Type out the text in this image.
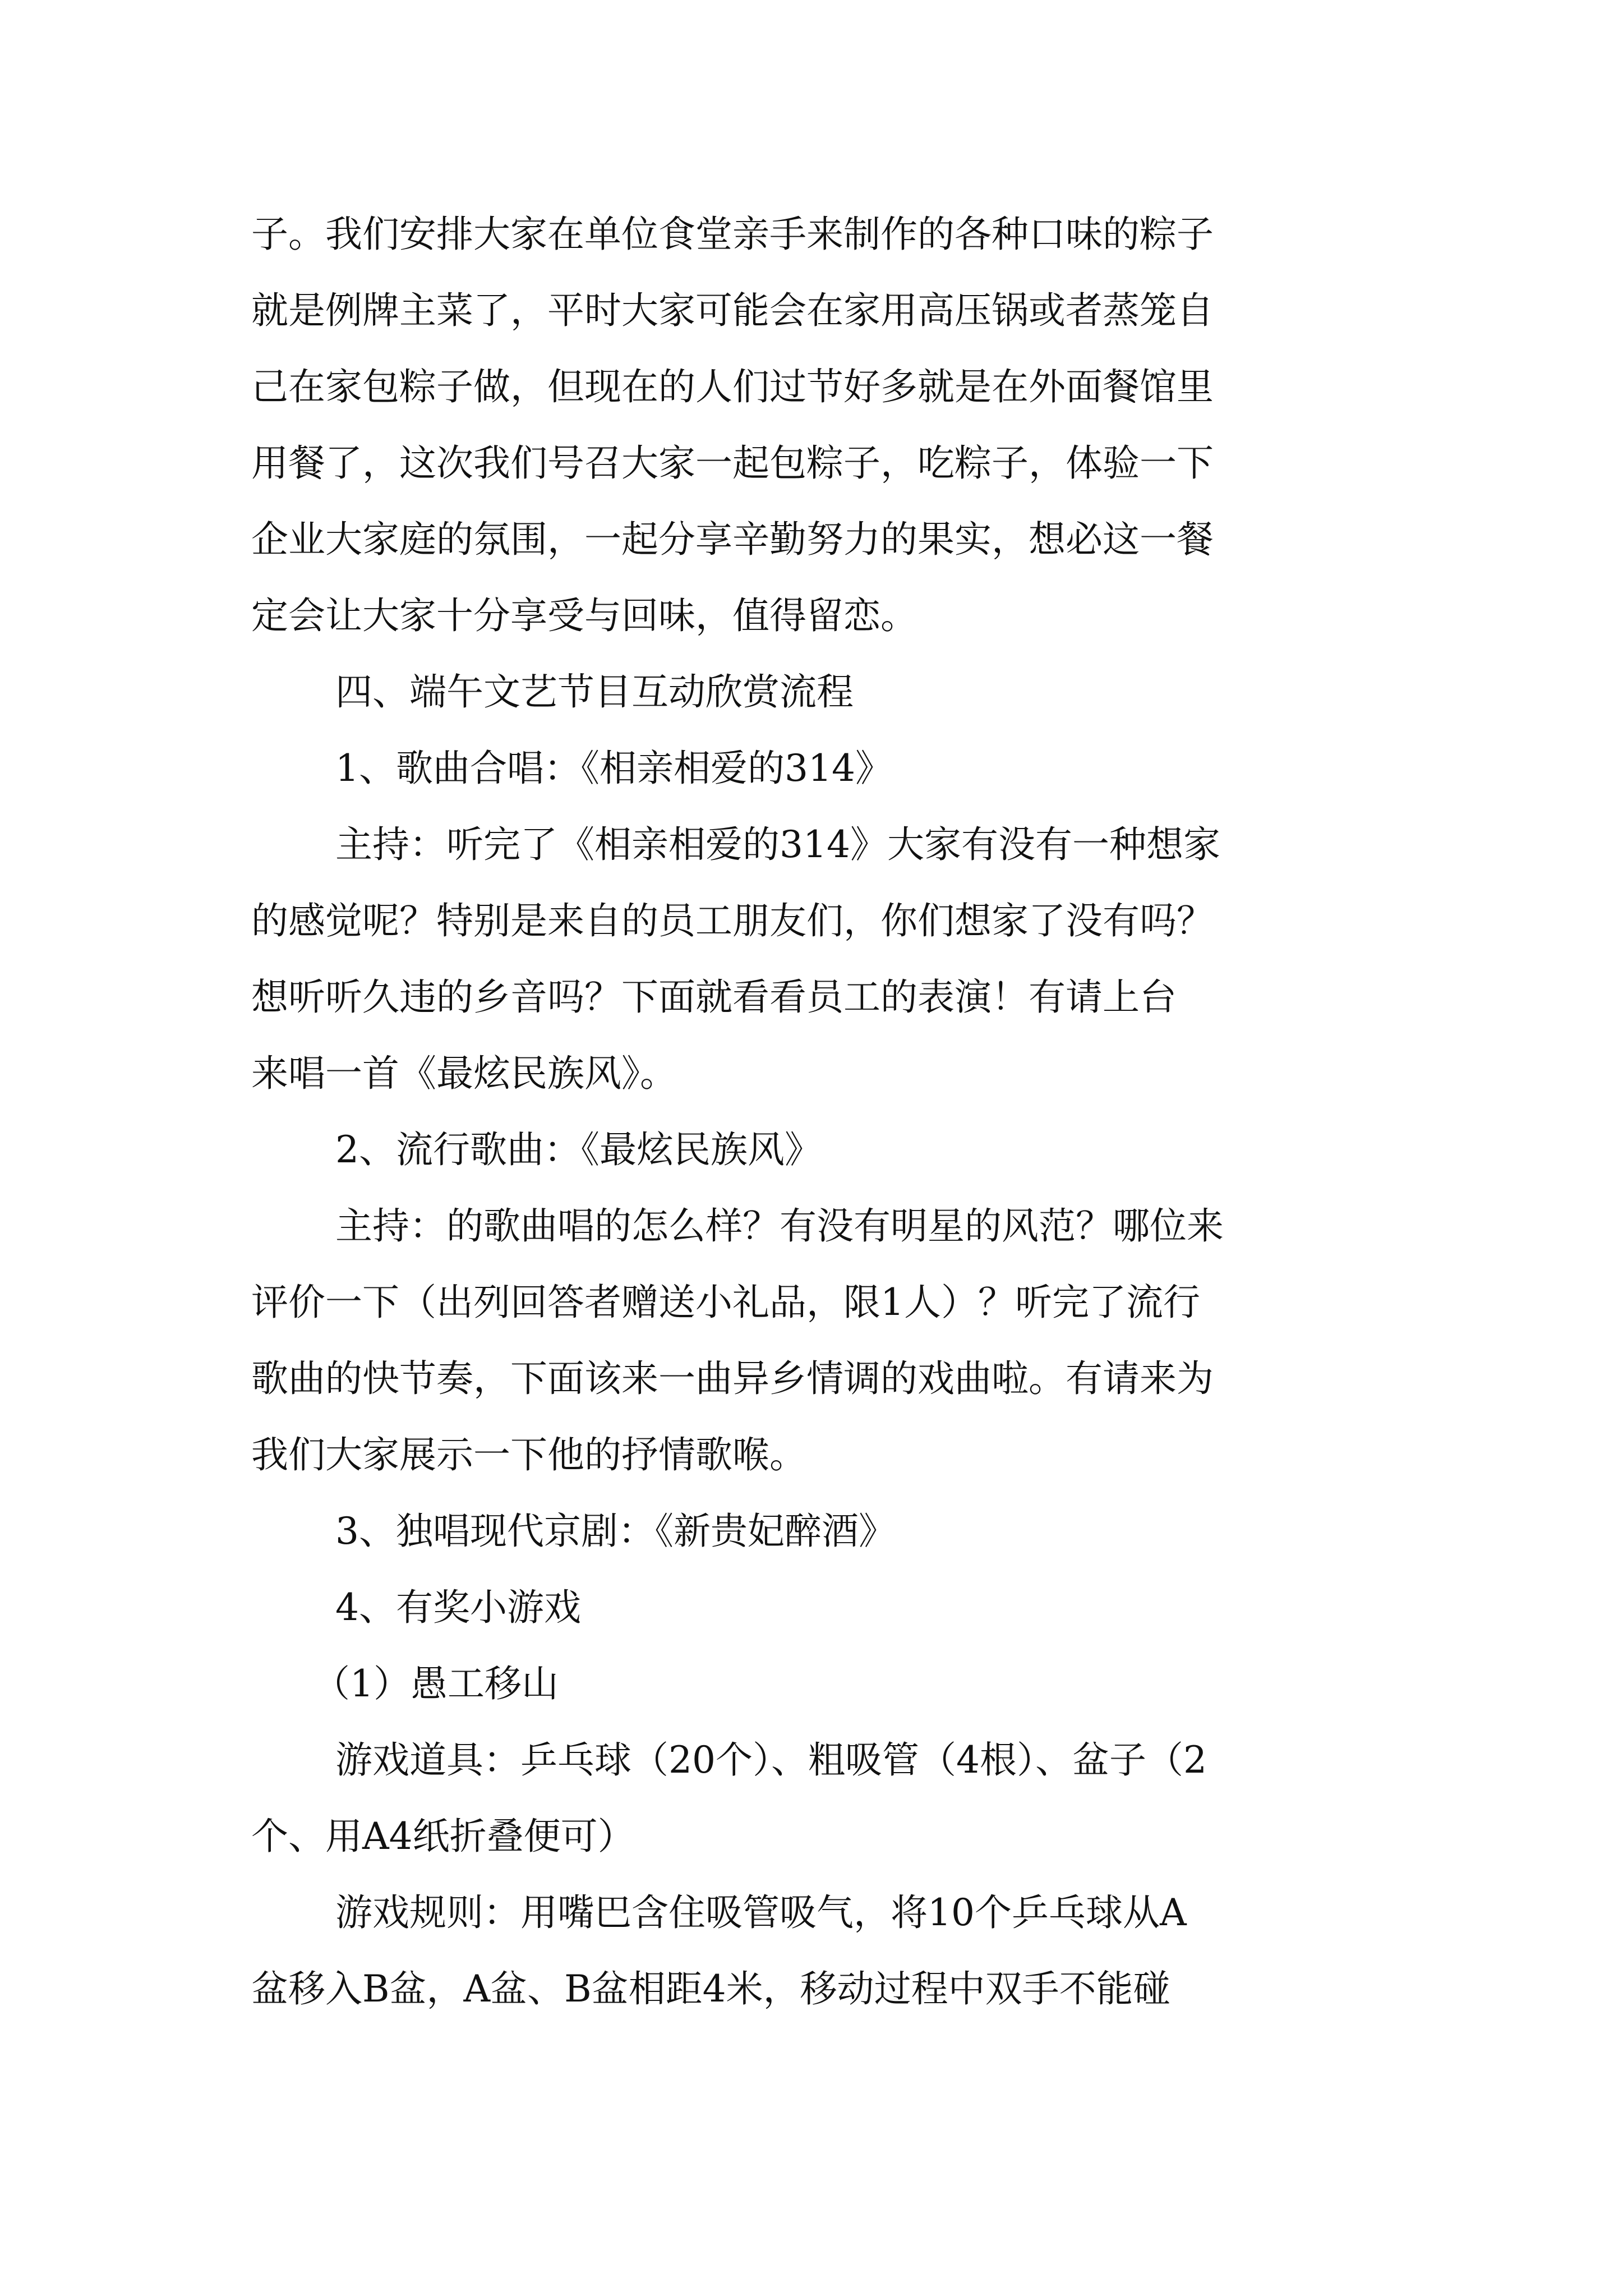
子。我们安排大家在单位食堂亲手来制作的各种口味的粽子
就是例牌主菜了，平时大家可能会在家用高压锅或者蒸笼自
己在家包粽子做，但现在的人们过节好多就是在外面餐馆里
用餐了，这次我们号召大家一起包粽子，吃粽子，体验一下
企业大家庭的氛围，一起分享辛勤努力的果实，想必这一餐
定会让大家十分享受与回味，值得留恋。
四、端午文艺节目互动欣赏流程
1、歌曲合唱：《相亲相爱的314》
主持：听完了《相亲相爱的314》大家有没有一种想家
的感觉呢？特别是来自的员工朋友们，你们想家了没有吗？
想听听久违的乡音吗？下面就看看员工的表演！有请上台
来唱一首《最炫民族风》。
2、流行歌曲：《最炫民族风》
主持：的歌曲唱的怎么样？有没有明星的风范？哪位来
评价一下（出列回答者赠送小礼品，限1人）？听完了流行
歌曲的快节奏，下面该来一曲异乡情调的戏曲啦。有请来为
我们大家展示一下他的抒情歌喉。
3、独唱现代京剧：《新贵妃醉酒》
4、有奖小游戏
（1）愚工移山
游戏道具：乒乓球（20个）、粗吸管（4根）、盆子（2
个、用A4纸折叠便可）
游戏规则：用嘴巴含住吸管吸气，将10个乒乓球从A
盆移入B盆，A盆、B盆相距4米，移动过程中双手不能碰
